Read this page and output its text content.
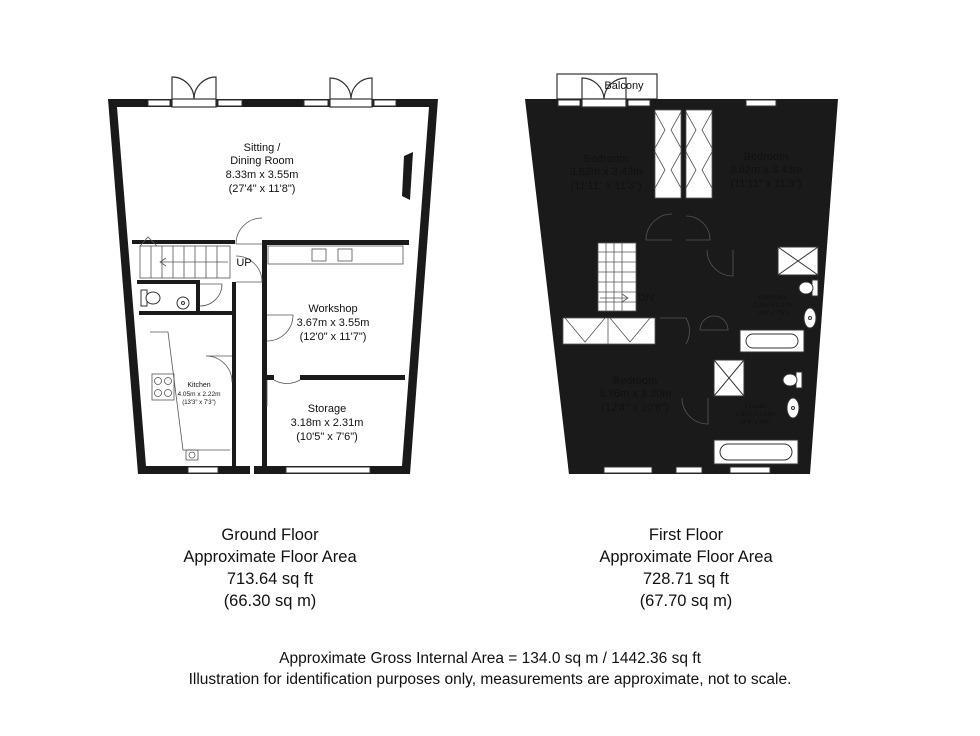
Sitting /
Dining Room
8.33m x 3.55m
(27'4" x 11'8")
UP
Workshop
3.67m x 3.55m
(12'0" x 11'7")
Storage
3.18m x 2.31m
(10'5" x 7'6")
Kitchen
4.05m x 2.22m
(13'3" x 7'3")
Balcony
Bedroom
3.62m x 3.43m
(11'11" x 11'3")
Bedroom
3.62m x 3.43m
(11'11" x 11'3")
DN	Bathroom
2.99m x 2.27m
(9'9" x 7'5")
Bedroom
3.76m x 3.20m
(12'4" x 10'6")	Ensuite
2.87m x 2.56m
(9'4" x 8'4")
Ground Floor
Approximate Floor Area
713.64 sq ft
(66.30 sq m)
First Floor
Approximate Floor Area
728.71 sq ft
(67.70 sq m)
Approximate Gross Internal Area = 134.0 sq m / 1442.36 sq ft
Illustration for identification purposes only, measurements are approximate, not to scale.
